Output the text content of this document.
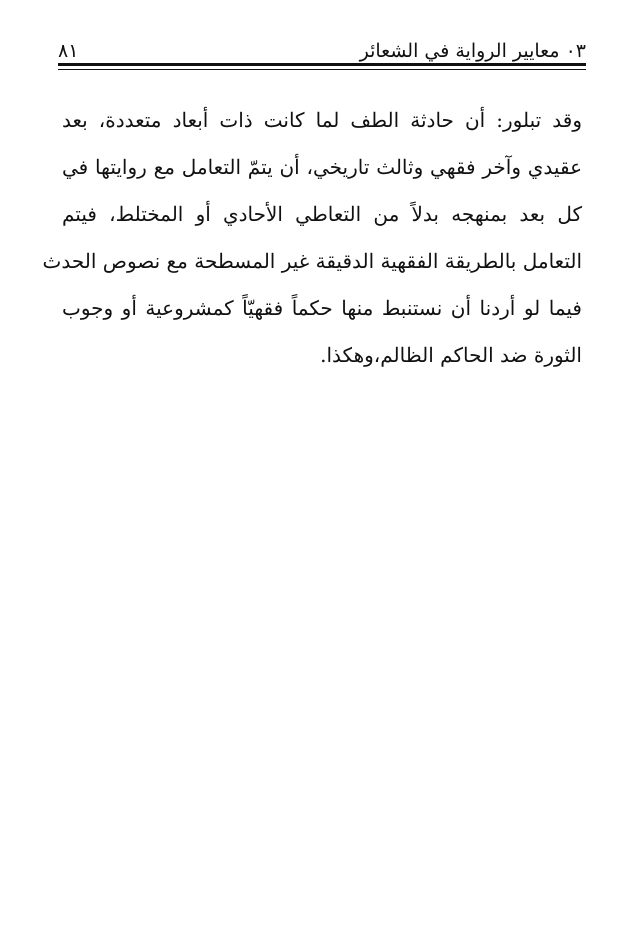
٠٣ معايير الرواية في الشعائر
٨١
وقد تبلور: أن حادثة الطف لما كانت ذات أبعاد متعددة، بعد
عقيدي وآخر فقهي وثالث تاريخي، أن يتمّ التعامل مع روايتها في
كل بعد بمنهجه بدلاً من التعاطي الأحادي أو المختلط، فيتم
التعامل بالطريقة الفقهية الدقيقة غير المسطحة مع نصوص الحدث
فيما لو أردنا أن نستنبط منها حكماً فقهيّاً كمشروعية أو وجوب
الثورة ضد الحاكم الظالم،وهكذا.
